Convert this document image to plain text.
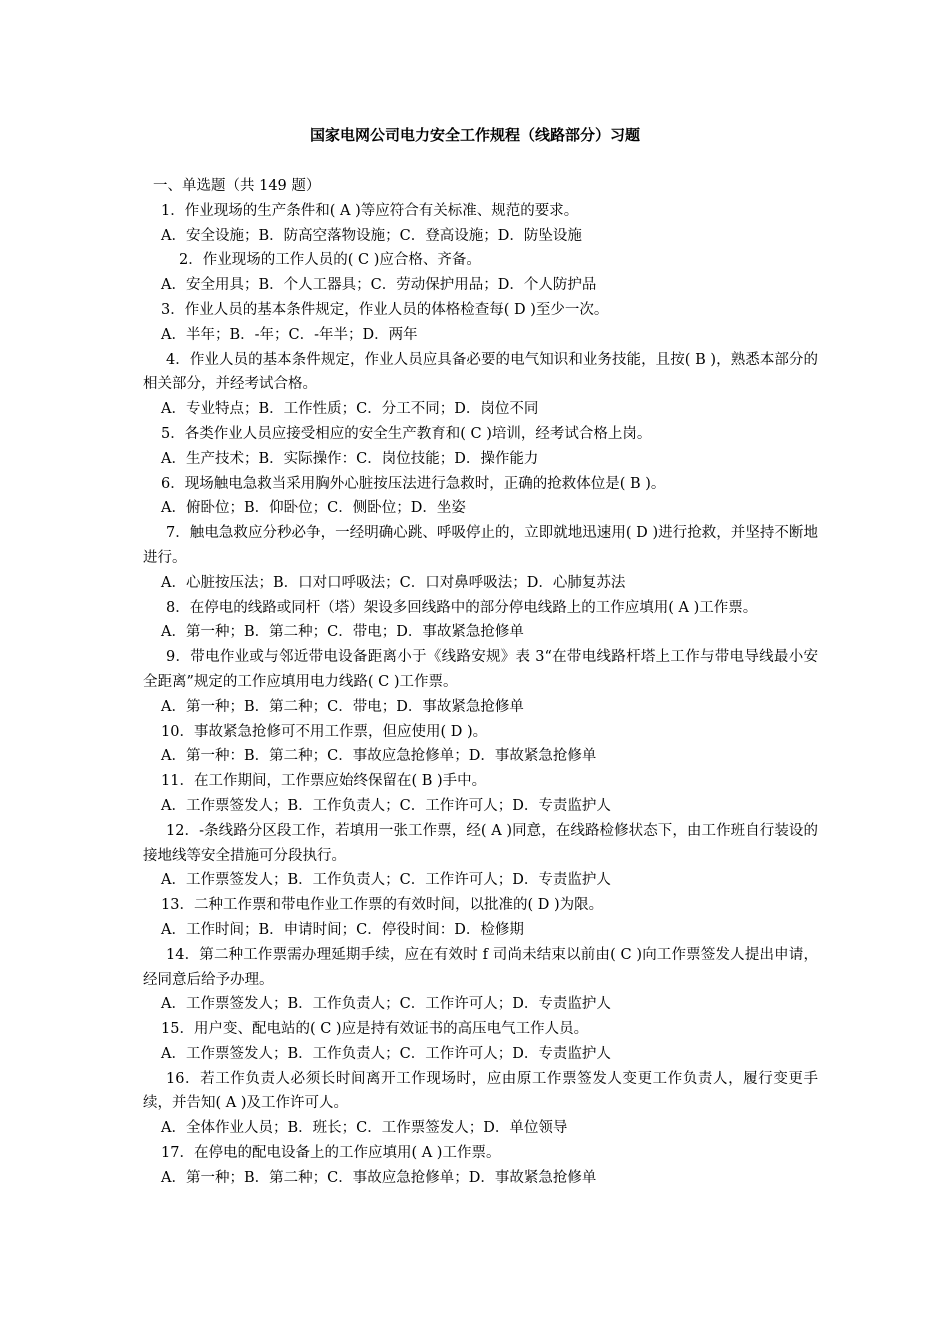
国家电网公司电力安全工作规程（线路部分）习题
一、单选题（共 149 题）
1．作业现场的生产条件和( A )等应符合有关标准、规范的要求。
A．安全设施；B．防高空落物设施；C．登高设施；D．防坠设施
2．作业现场的工作人员的( C )应合格、齐备。
A．安全用具；B．个人工器具；C．劳动保护用品；D．个人防护品
3．作业人员的基本条件规定，作业人员的体格检查每( D )至少一次。
A．半年；B．-年；C．-年半；D．两年
4．作业人员的基本条件规定，作业人员应具备必要的电气知识和业务技能，且按( B )，熟悉本部分的相关部分，并经考试合格。
A．专业特点；B．工作性质；C．分工不同；D．岗位不同
5．各类作业人员应接受相应的安全生产教育和( C )培训，经考试合格上岗。
A．生产技术；B．实际操作：C．岗位技能；D．操作能力
6．现场触电急救当采用胸外心脏按压法进行急救时，正确的抢救体位是( B )。
A．俯卧位；B．仰卧位；C．侧卧位；D．坐姿
7．触电急救应分秒必争，一经明确心跳、呼吸停止的，立即就地迅速用( D )进行抢救，并坚持不断地进行。
A．心脏按压法；B．口对口呼吸法；C．口对鼻呼吸法；D．心肺复苏法
8．在停电的线路或同杆（塔）架设多回线路中的部分停电线路上的工作应填用( A )工作票。
A．第一种；B．第二种；C．带电；D．事故紧急抢修单
9．带电作业或与邻近带电设备距离小于《线路安规》表 3“在带电线路杆塔上工作与带电导线最小安全距离”规定的工作应填用电力线路( C )工作票。
A．第一种；B．第二种；C．带电；D．事故紧急抢修单
10．事故紧急抢修可不用工作票，但应使用( D )。
A．第一种：B．第二种；C．事故应急抢修单；D．事故紧急抢修单
11．在工作期间，工作票应始终保留在( B )手中。
A．工作票签发人；B．工作负责人；C．工作许可人；D．专责监护人
12．-条线路分区段工作，若填用一张工作票，经( A )同意，在线路检修状态下，由工作班自行装设的接地线等安全措施可分段执行。
A．工作票签发人；B．工作负责人；C．工作许可人；D．专责监护人
13．二种工作票和带电作业工作票的有效时间，以批准的( D )为限。
A．工作时间；B．申请时间；C．停役时间：D．检修期
14．第二种工作票需办理延期手续，应在有效时 f 司尚未结束以前由( C )向工作票签发人提出申请，经同意后给予办理。
A．工作票签发人；B．工作负责人；C．工作许可人；D．专责监护人
15．用户变、配电站的( C )应是持有效证书的高压电气工作人员。
A．工作票签发人；B．工作负责人；C．工作许可人；D．专责监护人
16．若工作负责人必须长时间离开工作现场时，应由原工作票签发人变更工作负责人，履行变更手续，并告知( A )及工作许可人。
A．全体作业人员；B．班长；C．工作票签发人；D．单位领导
17．在停电的配电设备上的工作应填用( A )工作票。
A．第一种；B．第二种；C．事故应急抢修单；D．事故紧急抢修单
